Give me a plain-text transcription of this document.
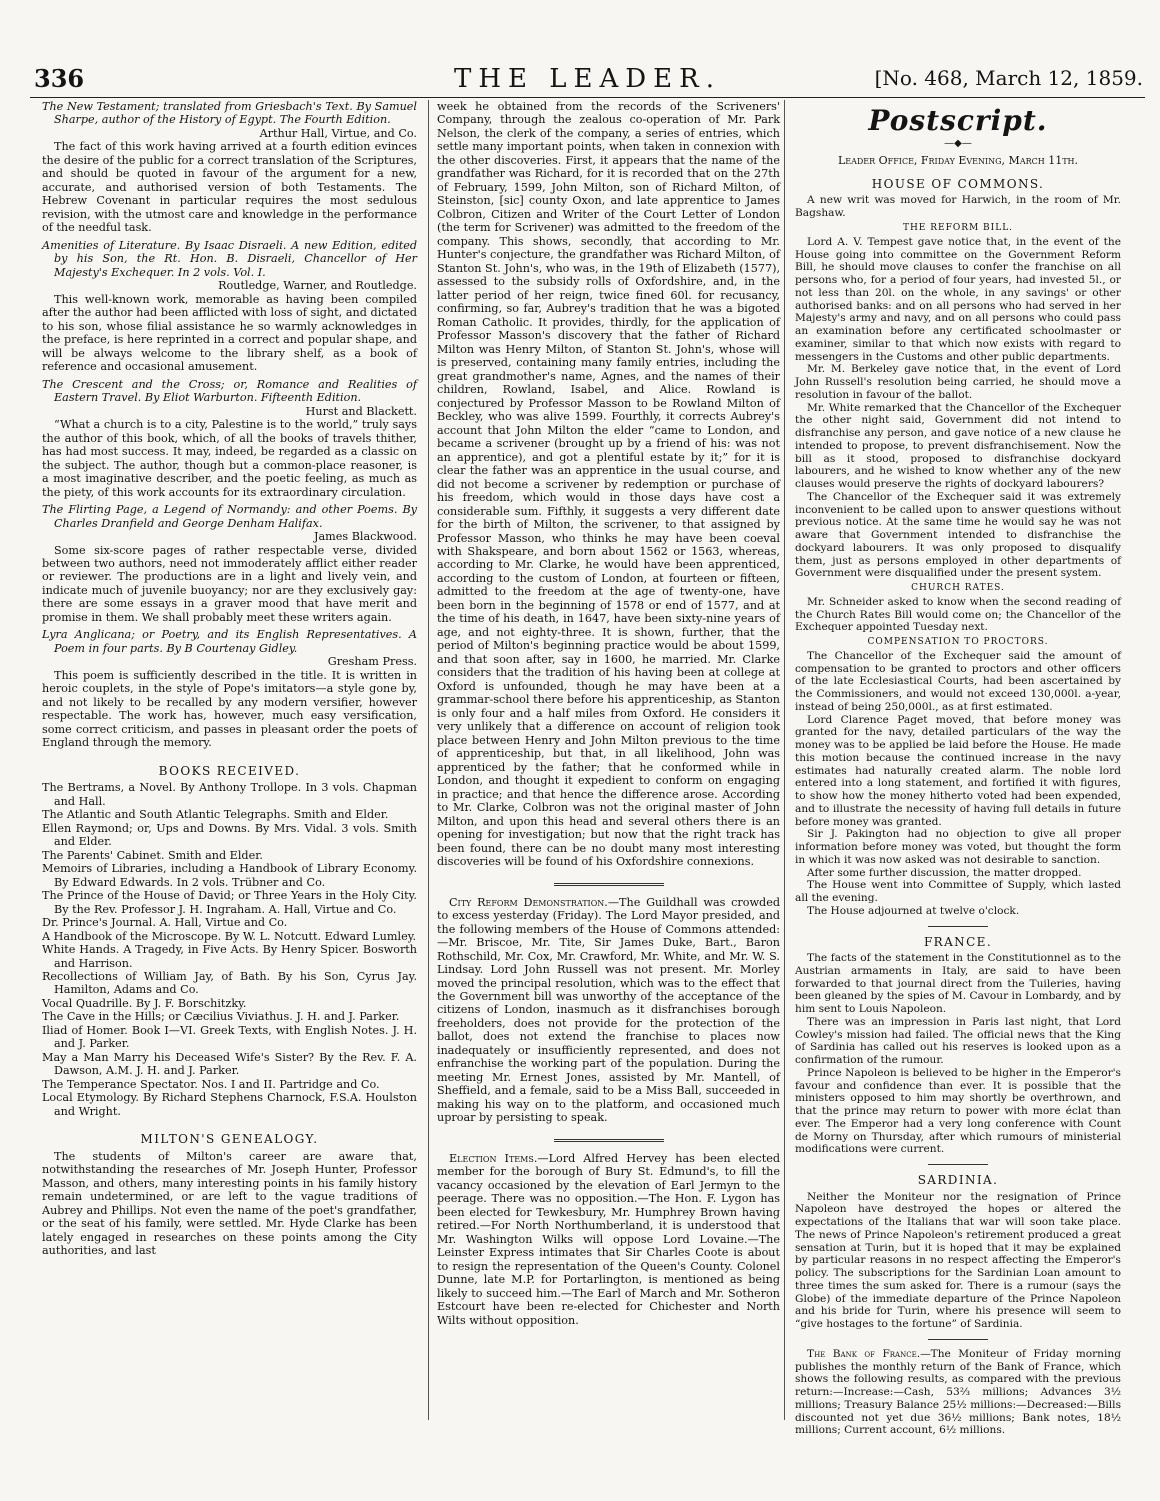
336	THE LEADER.	[No. 468, March 12, 1859.

The New Testament; translated from Griesbach's Text. By Samuel Sharpe, author of the History of Egypt. The Fourth Edition.

Arthur Hall, Virtue, and Co.

The fact of this work having arrived at a fourth edition evinces the desire of the public for a correct translation of the Scriptures, and should be quoted in favour of the argument for a new, accurate, and authorised version of both Testaments. The Hebrew Covenant in particular requires the most sedulous revision, with the utmost care and knowledge in the performance of the needful task.

Amenities of Literature. By Isaac Disraeli. A new Edition, edited by his Son, the Rt. Hon. B. Disraeli, Chancellor of Her Majesty's Exchequer. In 2 vols. Vol. I.

Routledge, Warner, and Routledge.

This well-known work, memorable as having been compiled after the author had been afflicted with loss of sight, and dictated to his son, whose filial assistance he so warmly acknowledges in the preface, is here reprinted in a correct and popular shape, and will be always welcome to the library shelf, as a book of reference and occasional amusement.

The Crescent and the Cross; or, Romance and Realities of Eastern Travel. By Eliot Warburton. Fifteenth Edition.

Hurst and Blackett.

“What a church is to a city, Palestine is to the world,” truly says the author of this book, which, of all the books of travels thither, has had most success. It may, indeed, be regarded as a classic on the subject. The author, though but a common-place reasoner, is a most imaginative describer, and the poetic feeling, as much as the piety, of this work accounts for its extraordinary circulation.

The Flirting Page, a Legend of Normandy: and other Poems. By Charles Dranfield and George Denham Halifax.

James Blackwood.

Some six-score pages of rather respectable verse, divided between two authors, need not immoderately afflict either reader or reviewer. The productions are in a light and lively vein, and indicate much of juvenile buoyancy; nor are they exclusively gay: there are some essays in a graver mood that have merit and promise in them. We shall probably meet these writers again.

Lyra Anglicana; or Poetry, and its English Representatives. A Poem in four parts. By B Courtenay Gidley.

Gresham Press.

This poem is sufficiently described in the title. It is written in heroic couplets, in the style of Pope's imitators—a style gone by, and not likely to be recalled by any modern versifier, however respectable. The work has, however, much easy versification, some correct criticism, and passes in pleasant order the poets of England through the memory.

BOOKS RECEIVED.

The Bertrams, a Novel. By Anthony Trollope. In 3 vols. Chapman and Hall.

The Atlantic and South Atlantic Telegraphs. Smith and Elder.

Ellen Raymond; or, Ups and Downs. By Mrs. Vidal. 3 vols. Smith and Elder.

The Parents' Cabinet. Smith and Elder.

Memoirs of Libraries, including a Handbook of Library Economy. By Edward Edwards. In 2 vols. Trübner and Co.

The Prince of the House of David; or Three Years in the Holy City. By the Rev. Professor J. H. Ingraham. A. Hall, Virtue and Co.

Dr. Prince's Journal. A. Hall, Virtue and Co.

A Handbook of the Microscope. By W. L. Notcutt. Edward Lumley.

White Hands. A Tragedy, in Five Acts. By Henry Spicer. Bosworth and Harrison.

Recollections of William Jay, of Bath. By his Son, Cyrus Jay. Hamilton, Adams and Co.

Vocal Quadrille. By J. F. Borschitzky.

The Cave in the Hills; or Cæcilius Viviathus. J. H. and J. Parker.

Iliad of Homer. Book I—VI. Greek Texts, with English Notes. J. H. and J. Parker.

May a Man Marry his Deceased Wife's Sister? By the Rev. F. A. Dawson, A.M. J. H. and J. Parker.

The Temperance Spectator. Nos. I and II. Partridge and Co.

Local Etymology. By Richard Stephens Charnock, F.S.A. Houlston and Wright.

MILTON'S GENEALOGY.

The students of Milton's career are aware that, notwithstanding the researches of Mr. Joseph Hunter, Professor Masson, and others, many interesting points in his family history remain undetermined, or are left to the vague traditions of Aubrey and Phillips. Not even the name of the poet's grandfather, or the seat of his family, were settled. Mr. Hyde Clarke has been lately engaged in researches on these points among the City authorities, and last

week he obtained from the records of the Scriveners' Company, through the zealous co-operation of Mr. Park Nelson, the clerk of the company, a series of entries, which settle many important points, when taken in connexion with the other discoveries. First, it appears that the name of the grandfather was Richard, for it is recorded that on the 27th of February, 1599, John Milton, son of Richard Milton, of Steinston, [sic] county Oxon, and late apprentice to James Colbron, Citizen and Writer of the Court Letter of London (the term for Scrivener) was admitted to the freedom of the company. This shows, secondly, that according to Mr. Hunter's conjecture, the grandfather was Richard Milton, of Stanton St. John's, who was, in the 19th of Elizabeth (1577), assessed to the subsidy rolls of Oxfordshire, and, in the latter period of her reign, twice fined 60l. for recusancy, confirming, so far, Aubrey's tradition that he was a bigoted Roman Catholic. It provides, thirdly, for the application of Professor Masson's discovery that the father of Richard Milton was Henry Milton, of Stanton St. John's, whose will is preserved, containing many family entries, including the great grandmother's name, Agnes, and the names of their children, Rowland, Isabel, and Alice. Rowland is conjectured by Professor Masson to be Rowland Milton of Beckley, who was alive 1599. Fourthly, it corrects Aubrey's account that John Milton the elder “came to London, and became a scrivener (brought up by a friend of his: was not an apprentice), and got a plentiful estate by it;” for it is clear the father was an apprentice in the usual course, and did not become a scrivener by redemption or purchase of his freedom, which would in those days have cost a considerable sum. Fifthly, it suggests a very different date for the birth of Milton, the scrivener, to that assigned by Professor Masson, who thinks he may have been coeval with Shakspeare, and born about 1562 or 1563, whereas, according to Mr. Clarke, he would have been apprenticed, according to the custom of London, at fourteen or fifteen, admitted to the freedom at the age of twenty-one, have been born in the beginning of 1578 or end of 1577, and at the time of his death, in 1647, have been sixty-nine years of age, and not eighty-three. It is shown, further, that the period of Milton's beginning practice would be about 1599, and that soon after, say in 1600, he married. Mr. Clarke considers that the tradition of his having been at college at Oxford is unfounded, though he may have been at a grammar-school there before his apprenticeship, as Stanton is only four and a half miles from Oxford. He considers it very unlikely that a difference on account of religion took place between Henry and John Milton previous to the time of apprenticeship, but that, in all likelihood, John was apprenticed by the father; that he conformed while in London, and thought it expedient to conform on engaging in practice; and that hence the difference arose. According to Mr. Clarke, Colbron was not the original master of John Milton, and upon this head and several others there is an opening for investigation; but now that the right track has been found, there can be no doubt many most interesting discoveries will be found of his Oxfordshire connexions.

City Reform Demonstration.—The Guildhall was crowded to excess yesterday (Friday). The Lord Mayor presided, and the following members of the House of Commons attended:—Mr. Briscoe, Mr. Tite, Sir James Duke, Bart., Baron Rothschild, Mr. Cox, Mr. Crawford, Mr. White, and Mr. W. S. Lindsay. Lord John Russell was not present. Mr. Morley moved the principal resolution, which was to the effect that the Government bill was unworthy of the acceptance of the citizens of London, inasmuch as it disfranchises borough freeholders, does not provide for the protection of the ballot, does not extend the franchise to places now inadequately or insufficiently represented, and does not enfranchise the working part of the population. During the meeting Mr. Ernest Jones, assisted by Mr. Mantell, of Sheffield, and a female, said to be a Miss Ball, succeeded in making his way on to the platform, and occasioned much uproar by persisting to speak.

Election Items.—Lord Alfred Hervey has been elected member for the borough of Bury St. Edmund's, to fill the vacancy occasioned by the elevation of Earl Jermyn to the peerage. There was no opposition.—The Hon. F. Lygon has been elected for Tewkesbury, Mr. Humphrey Brown having retired.—For North Northumberland, it is understood that Mr. Washington Wilks will oppose Lord Lovaine.—The Leinster Express intimates that Sir Charles Coote is about to resign the representation of the Queen's County. Colonel Dunne, late M.P. for Portarlington, is mentioned as being likely to succeed him.—The Earl of March and Mr. Sotheron Estcourt have been re-elected for Chichester and North Wilts without opposition.

Postscript.
—◆—
Leader Office, Friday Evening, March 11th.
HOUSE OF COMMONS.

A new writ was moved for Harwich, in the room of Mr. Bagshaw.

THE REFORM BILL.

Lord A. V. Tempest gave notice that, in the event of the House going into committee on the Government Reform Bill, he should move clauses to confer the franchise on all persons who, for a period of four years, had invested 5l., or not less than 20l. on the whole, in any savings' or other authorised banks: and on all persons who had served in her Majesty's army and navy, and on all persons who could pass an examination before any certificated schoolmaster or examiner, similar to that which now exists with regard to messengers in the Customs and other public departments.

Mr. M. Berkeley gave notice that, in the event of Lord John Russell's resolution being carried, he should move a resolution in favour of the ballot.

Mr. White remarked that the Chancellor of the Exchequer the other night said, Government did not intend to disfranchise any person, and gave notice of a new clause he intended to propose, to prevent disfranchisement. Now the bill as it stood, proposed to disfranchise dockyard labourers, and he wished to know whether any of the new clauses would preserve the rights of dockyard labourers?

The Chancellor of the Exchequer said it was extremely inconvenient to be called upon to answer questions without previous notice. At the same time he would say he was not aware that Government intended to disfranchise the dockyard labourers. It was only proposed to disqualify them, just as persons employed in other departments of Government were disqualified under the present system.

CHURCH RATES.

Mr. Schneider asked to know when the second reading of the Church Rates Bill would come on; the Chancellor of the Exchequer appointed Tuesday next.

COMPENSATION TO PROCTORS.

The Chancellor of the Exchequer said the amount of compensation to be granted to proctors and other officers of the late Ecclesiastical Courts, had been ascertained by the Commissioners, and would not exceed 130,000l. a-year, instead of being 250,000l., as at first estimated.

Lord Clarence Paget moved, that before money was granted for the navy, detailed particulars of the way the money was to be applied be laid before the House. He made this motion because the continued increase in the navy estimates had naturally created alarm. The noble lord entered into a long statement, and fortified it with figures, to show how the money hitherto voted had been expended, and to illustrate the necessity of having full details in future before money was granted.

Sir J. Pakington had no objection to give all proper information before money was voted, but thought the form in which it was now asked was not desirable to sanction.

After some further discussion, the matter dropped.

The House went into Committee of Supply, which lasted all the evening.

The House adjourned at twelve o'clock.

FRANCE.

The facts of the statement in the Constitutionnel as to the Austrian armaments in Italy, are said to have been forwarded to that journal direct from the Tuileries, having been gleaned by the spies of M. Cavour in Lombardy, and by him sent to Louis Napoleon.

There was an impression in Paris last night, that Lord Cowley's mission had failed. The official news that the King of Sardinia has called out his reserves is looked upon as a confirmation of the rumour.

Prince Napoleon is believed to be higher in the Emperor's favour and confidence than ever. It is possible that the ministers opposed to him may shortly be overthrown, and that the prince may return to power with more éclat than ever. The Emperor had a very long conference with Count de Morny on Thursday, after which rumours of ministerial modifications were current.

SARDINIA.

Neither the Moniteur nor the resignation of Prince Napoleon have destroyed the hopes or altered the expectations of the Italians that war will soon take place. The news of Prince Napoleon's retirement produced a great sensation at Turin, but it is hoped that it may be explained by particular reasons in no respect affecting the Emperor's policy. The subscriptions for the Sardinian Loan amount to three times the sum asked for. There is a rumour (says the Globe) of the immediate departure of the Prince Napoleon and his bride for Turin, where his presence will seem to “give hostages to the fortune” of Sardinia.

The Bank of France.—The Moniteur of Friday morning publishes the monthly return of the Bank of France, which shows the following results, as compared with the previous return:—Increase:—Cash, 53⅔ millions; Advances 3½ millions; Treasury Balance 25½ millions:—Decreased:—Bills discounted not yet due 36½ millions; Bank notes, 18½ millions; Current account, 6½ millions.
